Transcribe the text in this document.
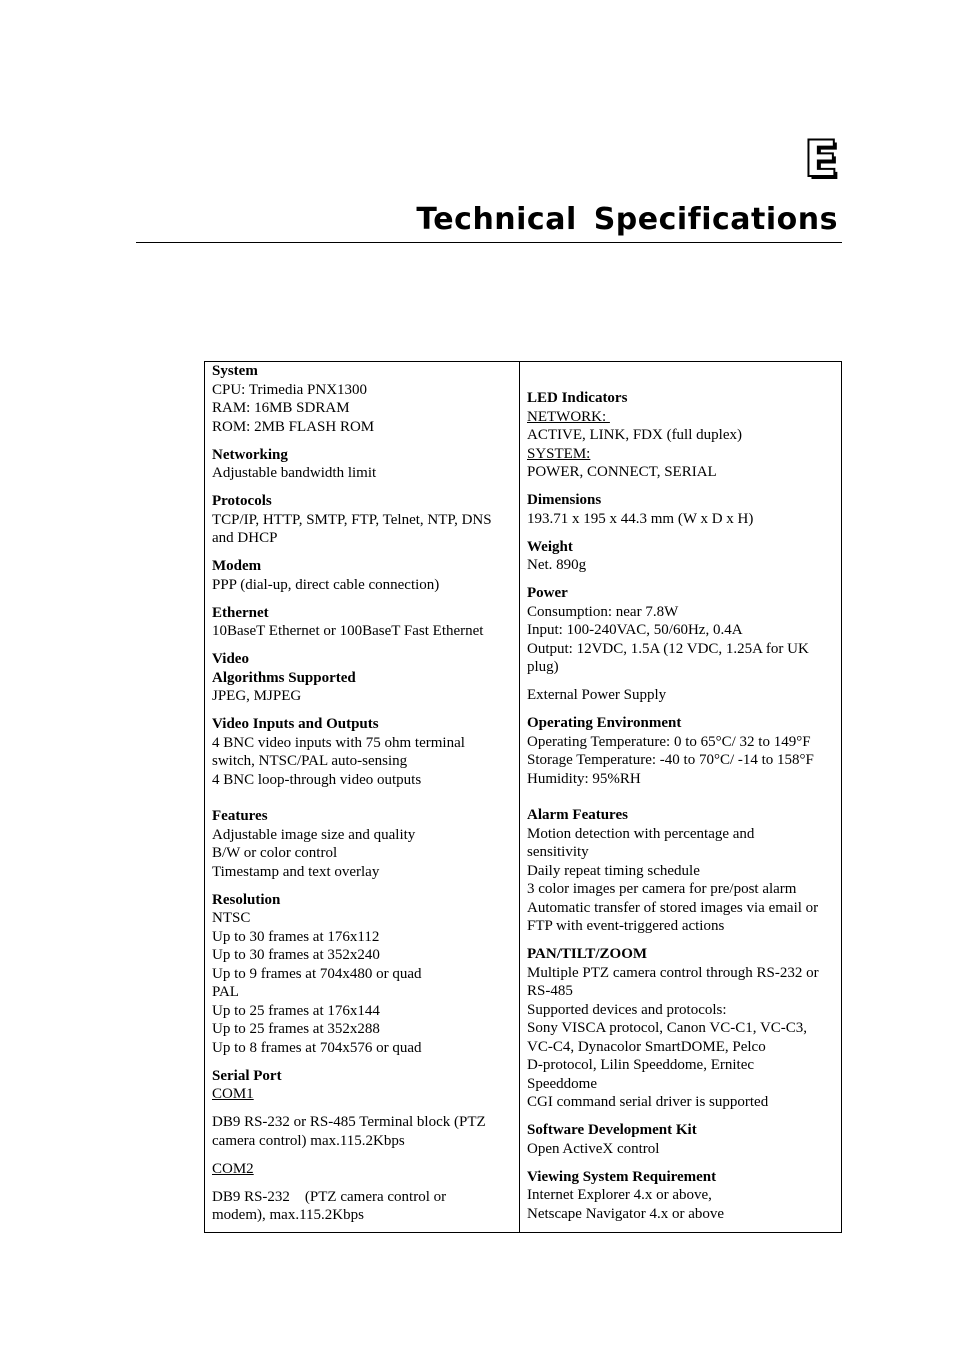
E
Technical Specifications
System
CPU: Trimedia PNX1300
RAM: 16MB SDRAM
ROM: 2MB FLASH ROM
Networking
Adjustable bandwidth limit
Protocols
TCP/IP, HTTP, SMTP, FTP, Telnet, NTP, DNS
and DHCP
Modem
PPP (dial-up, direct cable connection)
Ethernet
10BaseT Ethernet or 100BaseT Fast Ethernet
Video
Algorithms Supported
JPEG, MJPEG
Video Inputs and Outputs
4 BNC video inputs with 75 ohm terminal
switch, NTSC/PAL auto-sensing
4 BNC loop-through video outputs
Features
Adjustable image size and quality
B/W or color control
Timestamp and text overlay
Resolution
NTSC
Up to 30 frames at 176x112
Up to 30 frames at 352x240
Up to 9 frames at 704x480 or quad
PAL
Up to 25 frames at 176x144
Up to 25 frames at 352x288
Up to 8 frames at 704x576 or quad
Serial Port
COM1
DB9 RS-232 or RS-485 Terminal block (PTZ
camera control) max.115.2Kbps
COM2
DB9 RS-232    (PTZ camera control or
modem), max.115.2Kbps
LED Indicators
NETWORK:
ACTIVE, LINK, FDX (full duplex)
SYSTEM:
POWER, CONNECT, SERIAL
Dimensions
193.71 x 195 x 44.3 mm (W x D x H)
Weight
Net. 890g
Power
Consumption: near 7.8W
Input: 100-240VAC, 50/60Hz, 0.4A
Output: 12VDC, 1.5A (12 VDC, 1.25A for UK
plug)
External Power Supply
Operating Environment
Operating Temperature: 0 to 65°C/ 32 to 149°F
Storage Temperature: -40 to 70°C/ -14 to 158°F
Humidity: 95%RH
Alarm Features
Motion detection with percentage and
sensitivity
Daily repeat timing schedule
3 color images per camera for pre/post alarm
Automatic transfer of stored images via email or
FTP with event-triggered actions
PAN/TILT/ZOOM
Multiple PTZ camera control through RS-232 or
RS-485
Supported devices and protocols:
Sony VISCA protocol, Canon VC-C1, VC-C3,
VC-C4, Dynacolor SmartDOME, Pelco
D-protocol, Lilin Speeddome, Ernitec
Speeddome
CGI command serial driver is supported
Software Development Kit
Open ActiveX control
Viewing System Requirement
Internet Explorer 4.x or above,
Netscape Navigator 4.x or above
